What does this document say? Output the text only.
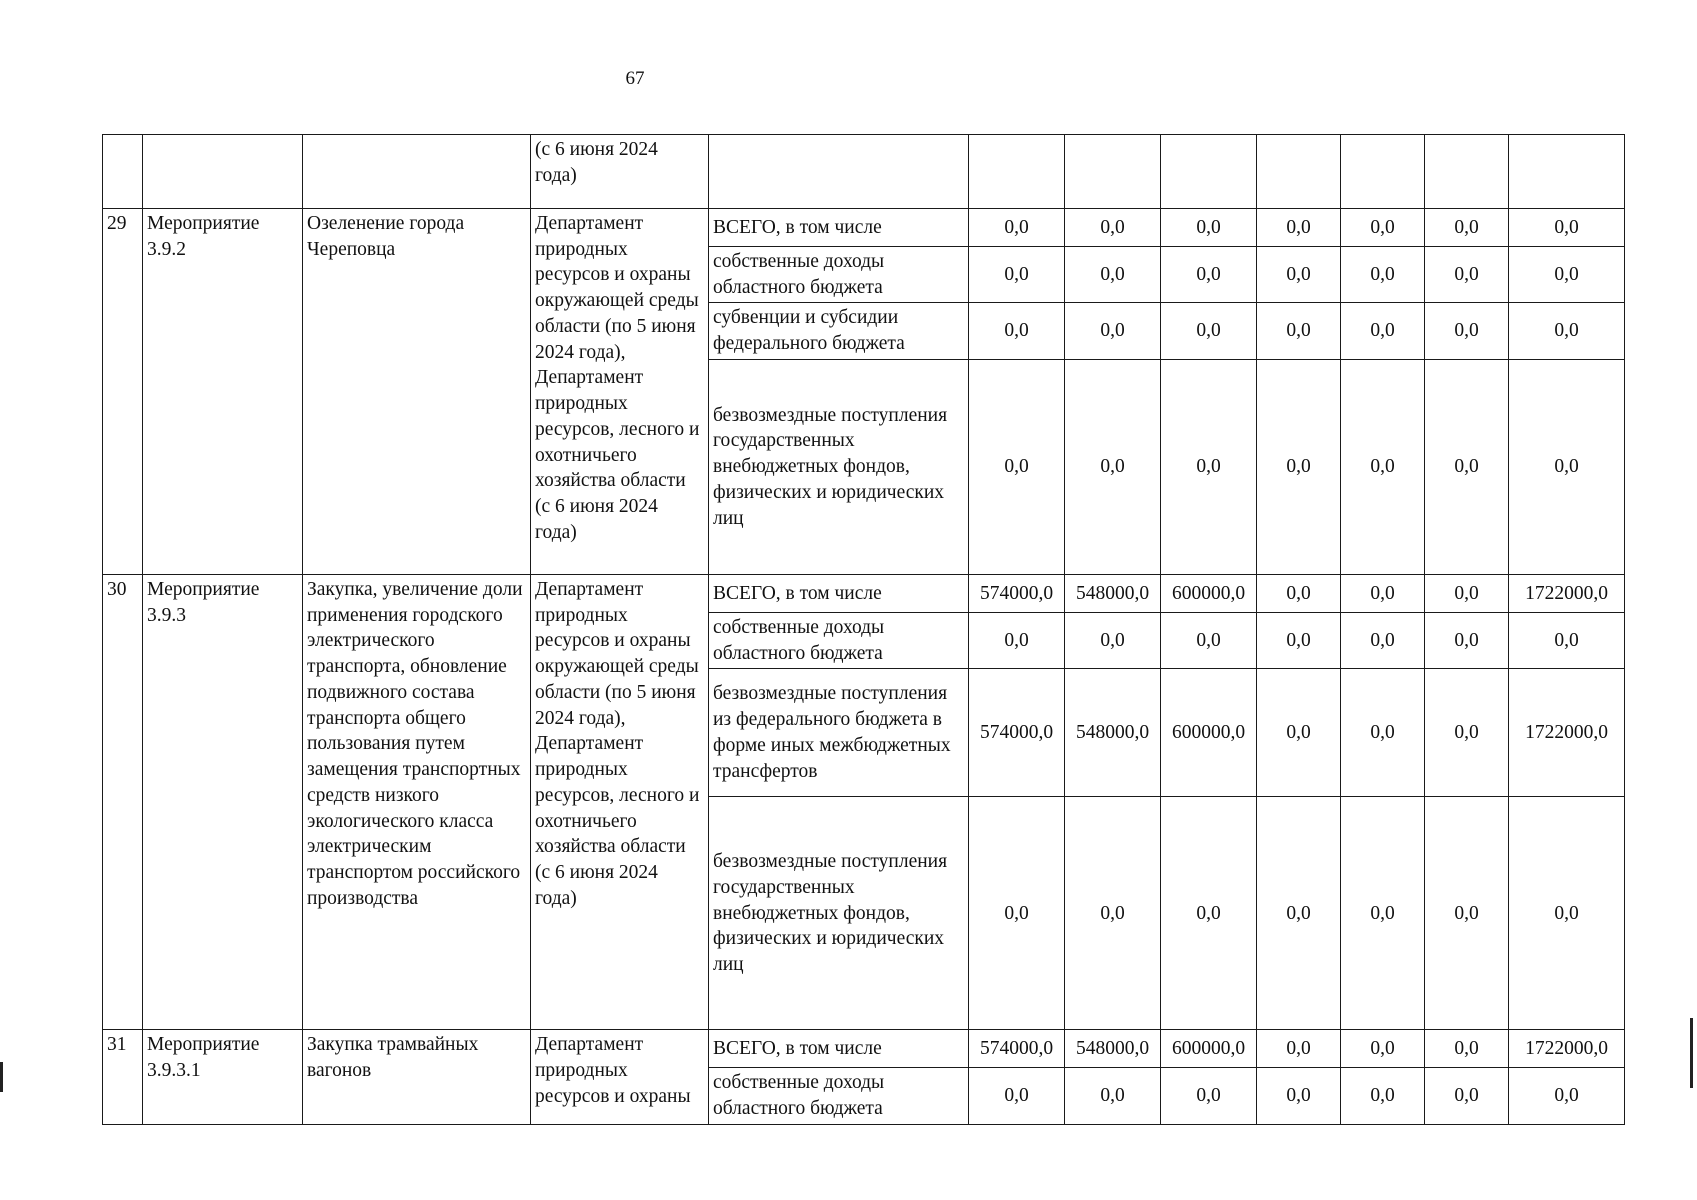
67
			(с 6 июня 2024 года)								
29	Мероприятие 3.9.2	Озеленение города Череповца	Департамент природных ресурсов и охраны окружающей среды области (по 5 июня 2024 года), Департамент природных ресурсов, лесного и охотничьего хозяйства области (с 6 июня 2024 года)	ВСЕГО, в том числе	0,0	0,0	0,0	0,0	0,0	0,0	0,0
				собственные доходы областного бюджета	0,0	0,0	0,0	0,0	0,0	0,0	0,0
				субвенции и субсидии федерального бюджета	0,0	0,0	0,0	0,0	0,0	0,0	0,0
				безвозмездные поступления государственных внебюджетных фондов, физических и юридических лиц	0,0	0,0	0,0	0,0	0,0	0,0	0,0
30	Мероприятие 3.9.3	Закупка, увеличение доли применения городского электрического транспорта, обновление подвижного состава транспорта общего пользования путем замещения транспортных средств низкого экологического класса электрическим транспортом российского производства	Департамент природных ресурсов и охраны окружающей среды области (по 5 июня 2024 года), Департамент природных ресурсов, лесного и охотничьего хозяйства области (с 6 июня 2024 года)	ВСЕГО, в том числе	574000,0	548000,0	600000,0	0,0	0,0	0,0	1722000,0
				собственные доходы областного бюджета	0,0	0,0	0,0	0,0	0,0	0,0	0,0
				безвозмездные поступления из федерального бюджета в форме иных межбюджетных трансфертов	574000,0	548000,0	600000,0	0,0	0,0	0,0	1722000,0
				безвозмездные поступления государственных внебюджетных фондов, физических и юридических лиц	0,0	0,0	0,0	0,0	0,0	0,0	0,0
31	Мероприятие 3.9.3.1	Закупка трамвайных вагонов	Департамент природных ресурсов и охраны	ВСЕГО, в том числе	574000,0	548000,0	600000,0	0,0	0,0	0,0	1722000,0
				собственные доходы областного бюджета	0,0	0,0	0,0	0,0	0,0	0,0	0,0
